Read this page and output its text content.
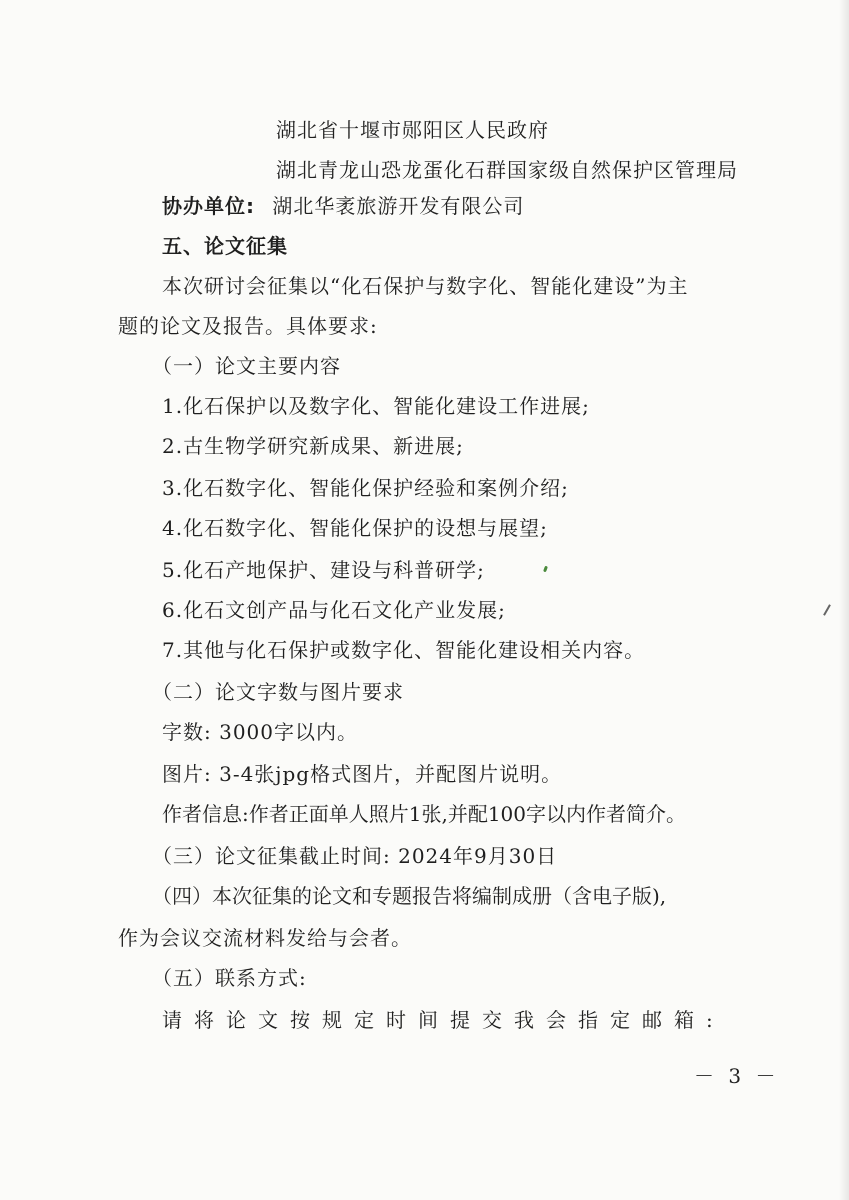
湖北省十堰市郧阳区人民政府
湖北青龙山恐龙蛋化石群国家级自然保护区管理局
协办单位: 湖北华袤旅游开发有限公司
五、论文征集
本次研讨会征集以“化石保护与数字化、智能化建设”为主
题的论文及报告。具体要求:
（一）论文主要内容
1.化石保护以及数字化、智能化建设工作进展;
2.古生物学研究新成果、新进展;
3.化石数字化、智能化保护经验和案例介绍;
4.化石数字化、智能化保护的设想与展望;
5.化石产地保护、建设与科普研学;
6.化石文创产品与化石文化产业发展;
7.其他与化石保护或数字化、智能化建设相关内容。
（二）论文字数与图片要求
字数: 3000字以内。
图片: 3-4张jpg格式图片，并配图片说明。
作者信息:作者正面单人照片1张,并配100字以内作者简介。
（三）论文征集截止时间: 2024年9月30日
（四）本次征集的论文和专题报告将编制成册（含电子版),
作为会议交流材料发给与会者。
（五）联系方式:
请将论文按规定时间提交我会指定邮箱:
－ 3 －
